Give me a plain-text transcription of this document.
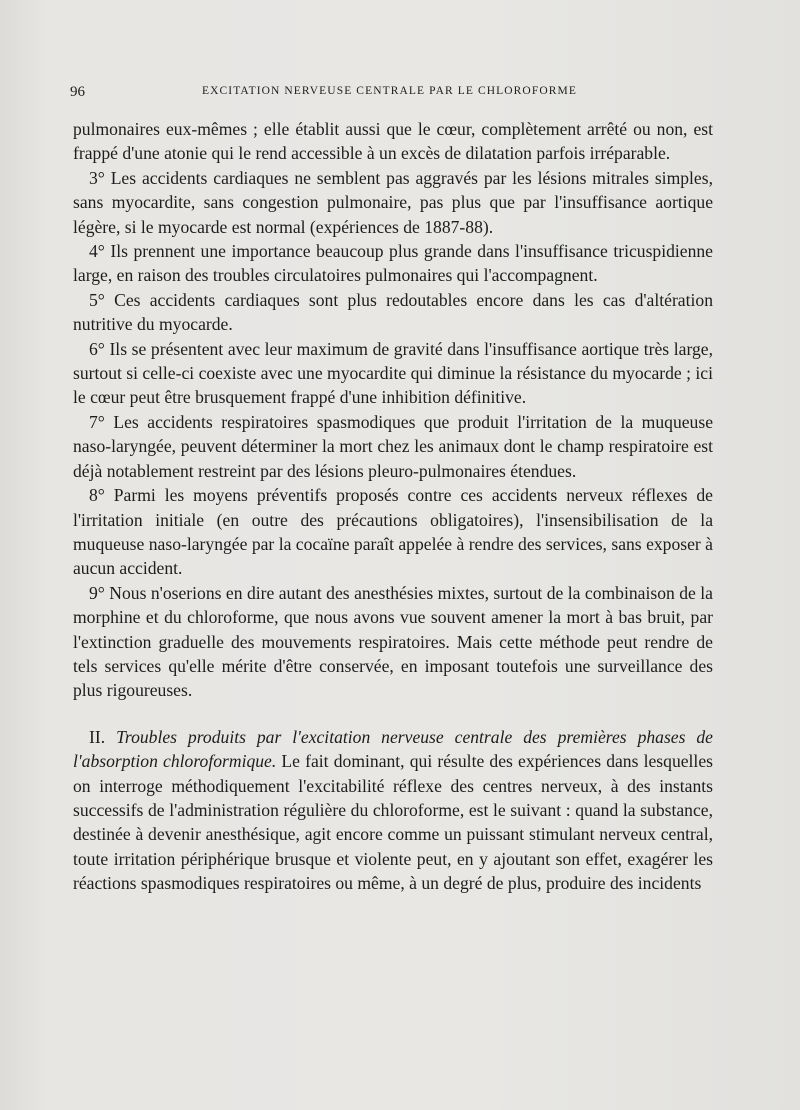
96	EXCITATION NERVEUSE CENTRALE PAR LE CHLOROFORME

pulmonaires eux-mêmes ; elle établit aussi que le cœur, complètement arrêté ou non, est frappé d'une atonie qui le rend accessible à un excès de dilatation parfois irréparable.

3° Les accidents cardiaques ne semblent pas aggravés par les lésions mitrales simples, sans myocardite, sans congestion pulmonaire, pas plus que par l'insuffisance aortique légère, si le myocarde est normal (expériences de 1887-88).

4° Ils prennent une importance beaucoup plus grande dans l'insuffisance tricuspidienne large, en raison des troubles circulatoires pulmonaires qui l'accompagnent.

5° Ces accidents cardiaques sont plus redoutables encore dans les cas d'altération nutritive du myocarde.

6° Ils se présentent avec leur maximum de gravité dans l'insuffisance aortique très large, surtout si celle-ci coexiste avec une myocardite qui diminue la résistance du myocarde ; ici le cœur peut être brusquement frappé d'une inhibition définitive.

7° Les accidents respiratoires spasmodiques que produit l'irritation de la muqueuse naso-laryngée, peuvent déterminer la mort chez les animaux dont le champ respiratoire est déjà notablement restreint par des lésions pleuro-pulmonaires étendues.

8° Parmi les moyens préventifs proposés contre ces accidents nerveux réflexes de l'irritation initiale (en outre des précautions obligatoires), l'insensibilisation de la muqueuse naso-laryngée par la cocaïne paraît appelée à rendre des services, sans exposer à aucun accident.

9° Nous n'oserions en dire autant des anesthésies mixtes, surtout de la combinaison de la morphine et du chloroforme, que nous avons vue souvent amener la mort à bas bruit, par l'extinction graduelle des mouvements respiratoires. Mais cette méthode peut rendre de tels services qu'elle mérite d'être conservée, en imposant toutefois une surveillance des plus rigoureuses.

II. Troubles produits par l'excitation nerveuse centrale des premières phases de l'absorption chloroformique. Le fait dominant, qui résulte des expériences dans lesquelles on interroge méthodiquement l'excitabilité réflexe des centres nerveux, à des instants successifs de l'administration régulière du chloroforme, est le suivant : quand la substance, destinée à devenir anesthésique, agit encore comme un puissant stimulant nerveux central, toute irritation périphérique brusque et violente peut, en y ajoutant son effet, exagérer les réactions spasmodiques respiratoires ou même, à un degré de plus, produire des incidents
